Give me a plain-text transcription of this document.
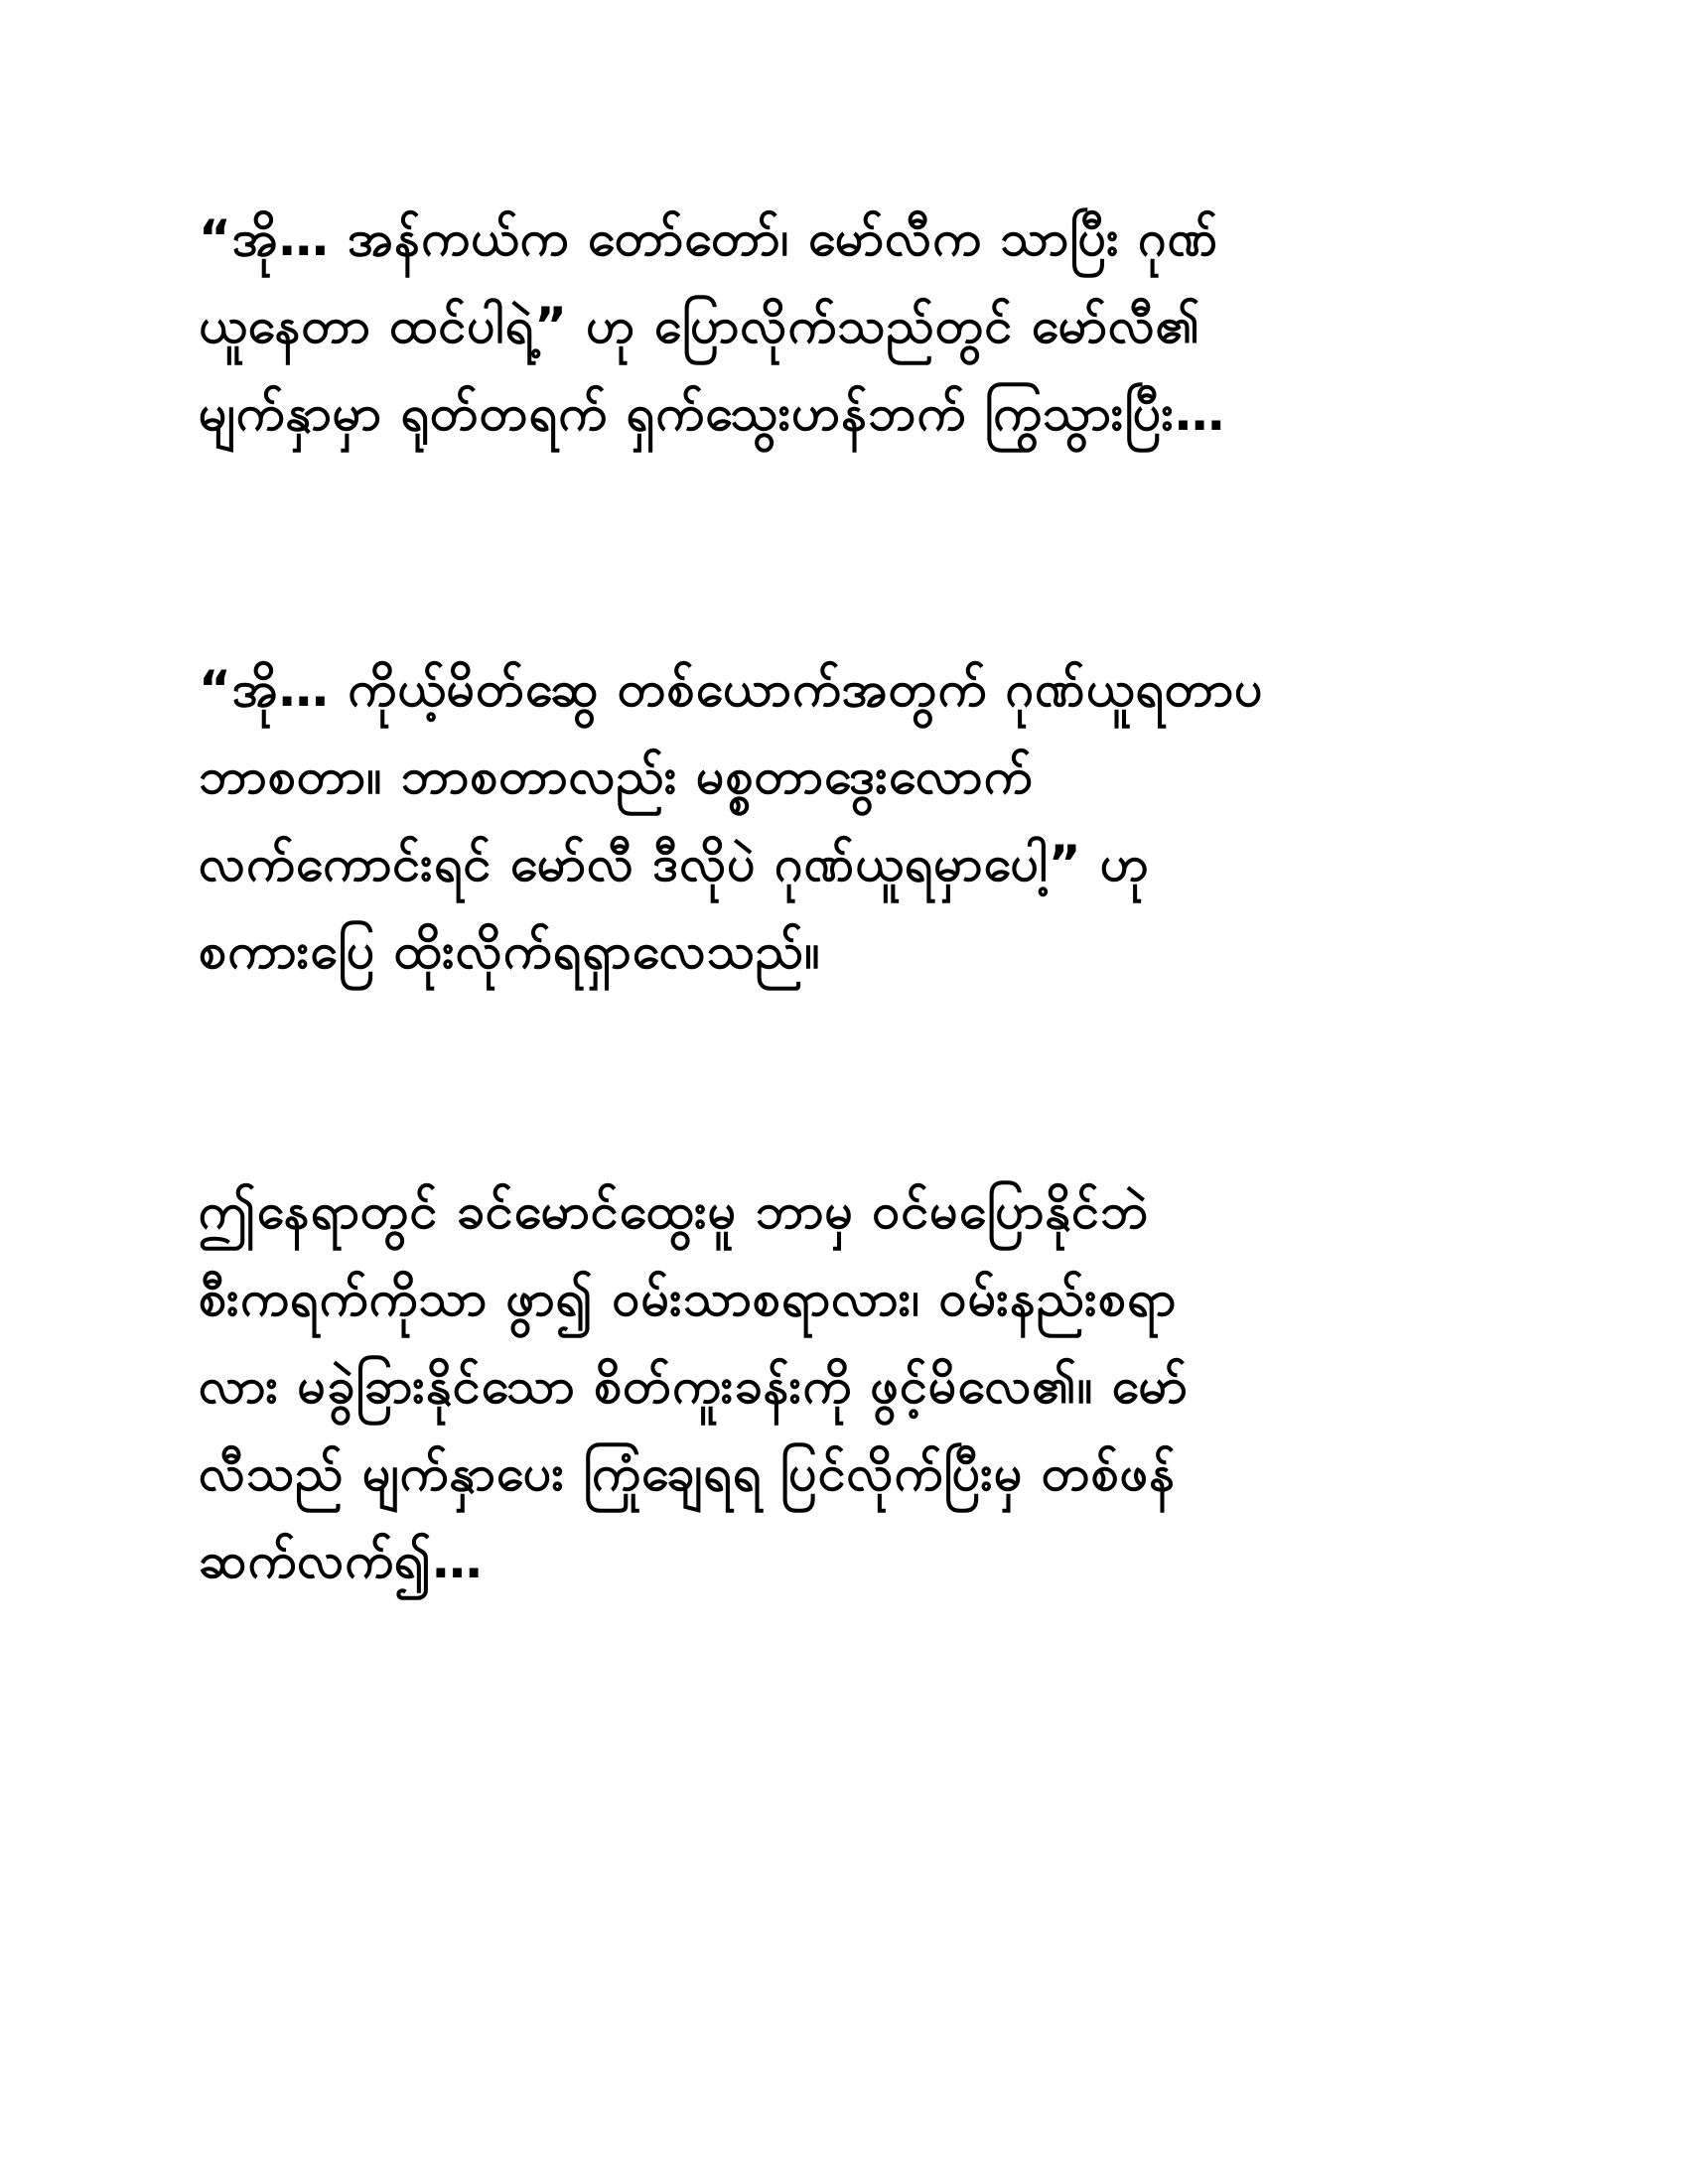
“အို… အန်ကယ်က တော်တော်၊ မော်လီက သာပြီး ဂုဏ်
ယူနေတာ ထင်ပါရဲ့” ဟု ပြောလိုက်သည်တွင် မော်လီ၏
မျက်နှာမှာ ရုတ်တရက် ရှက်သွေးဟန်ဘက် ကြွသွားပြီး…
“အို… ကိုယ့်မိတ်ဆွေ တစ်ယောက်အတွက် ဂုဏ်ယူရတာပ
ဘာစတာ။ ဘာစတာလည်း မစ္စတာဒွေးလောက်
လက်ကောင်းရင် မော်လီ ဒီလိုပဲ ဂုဏ်ယူရမှာပေါ့” ဟု
စကားပြေ ထိုးလိုက်ရရှာလေသည်။
ဤနေရာတွင် ခင်မောင်ထွေးမူ ဘာမှ ဝင်မပြောနိုင်ဘဲ
စီးကရက်ကိုသာ ဖွာ၍ ဝမ်းသာစရာလား၊ ဝမ်းနည်းစရာ
လား မခွဲခြားနိုင်သော စိတ်ကူးခန်းကို ဖွင့်မိလေ၏။ မော်
လီသည် မျက်နှာပေး ကြုံချေရရ ပြင်လိုက်ပြီးမှ တစ်ဖန်
ဆက်လက်၍…
